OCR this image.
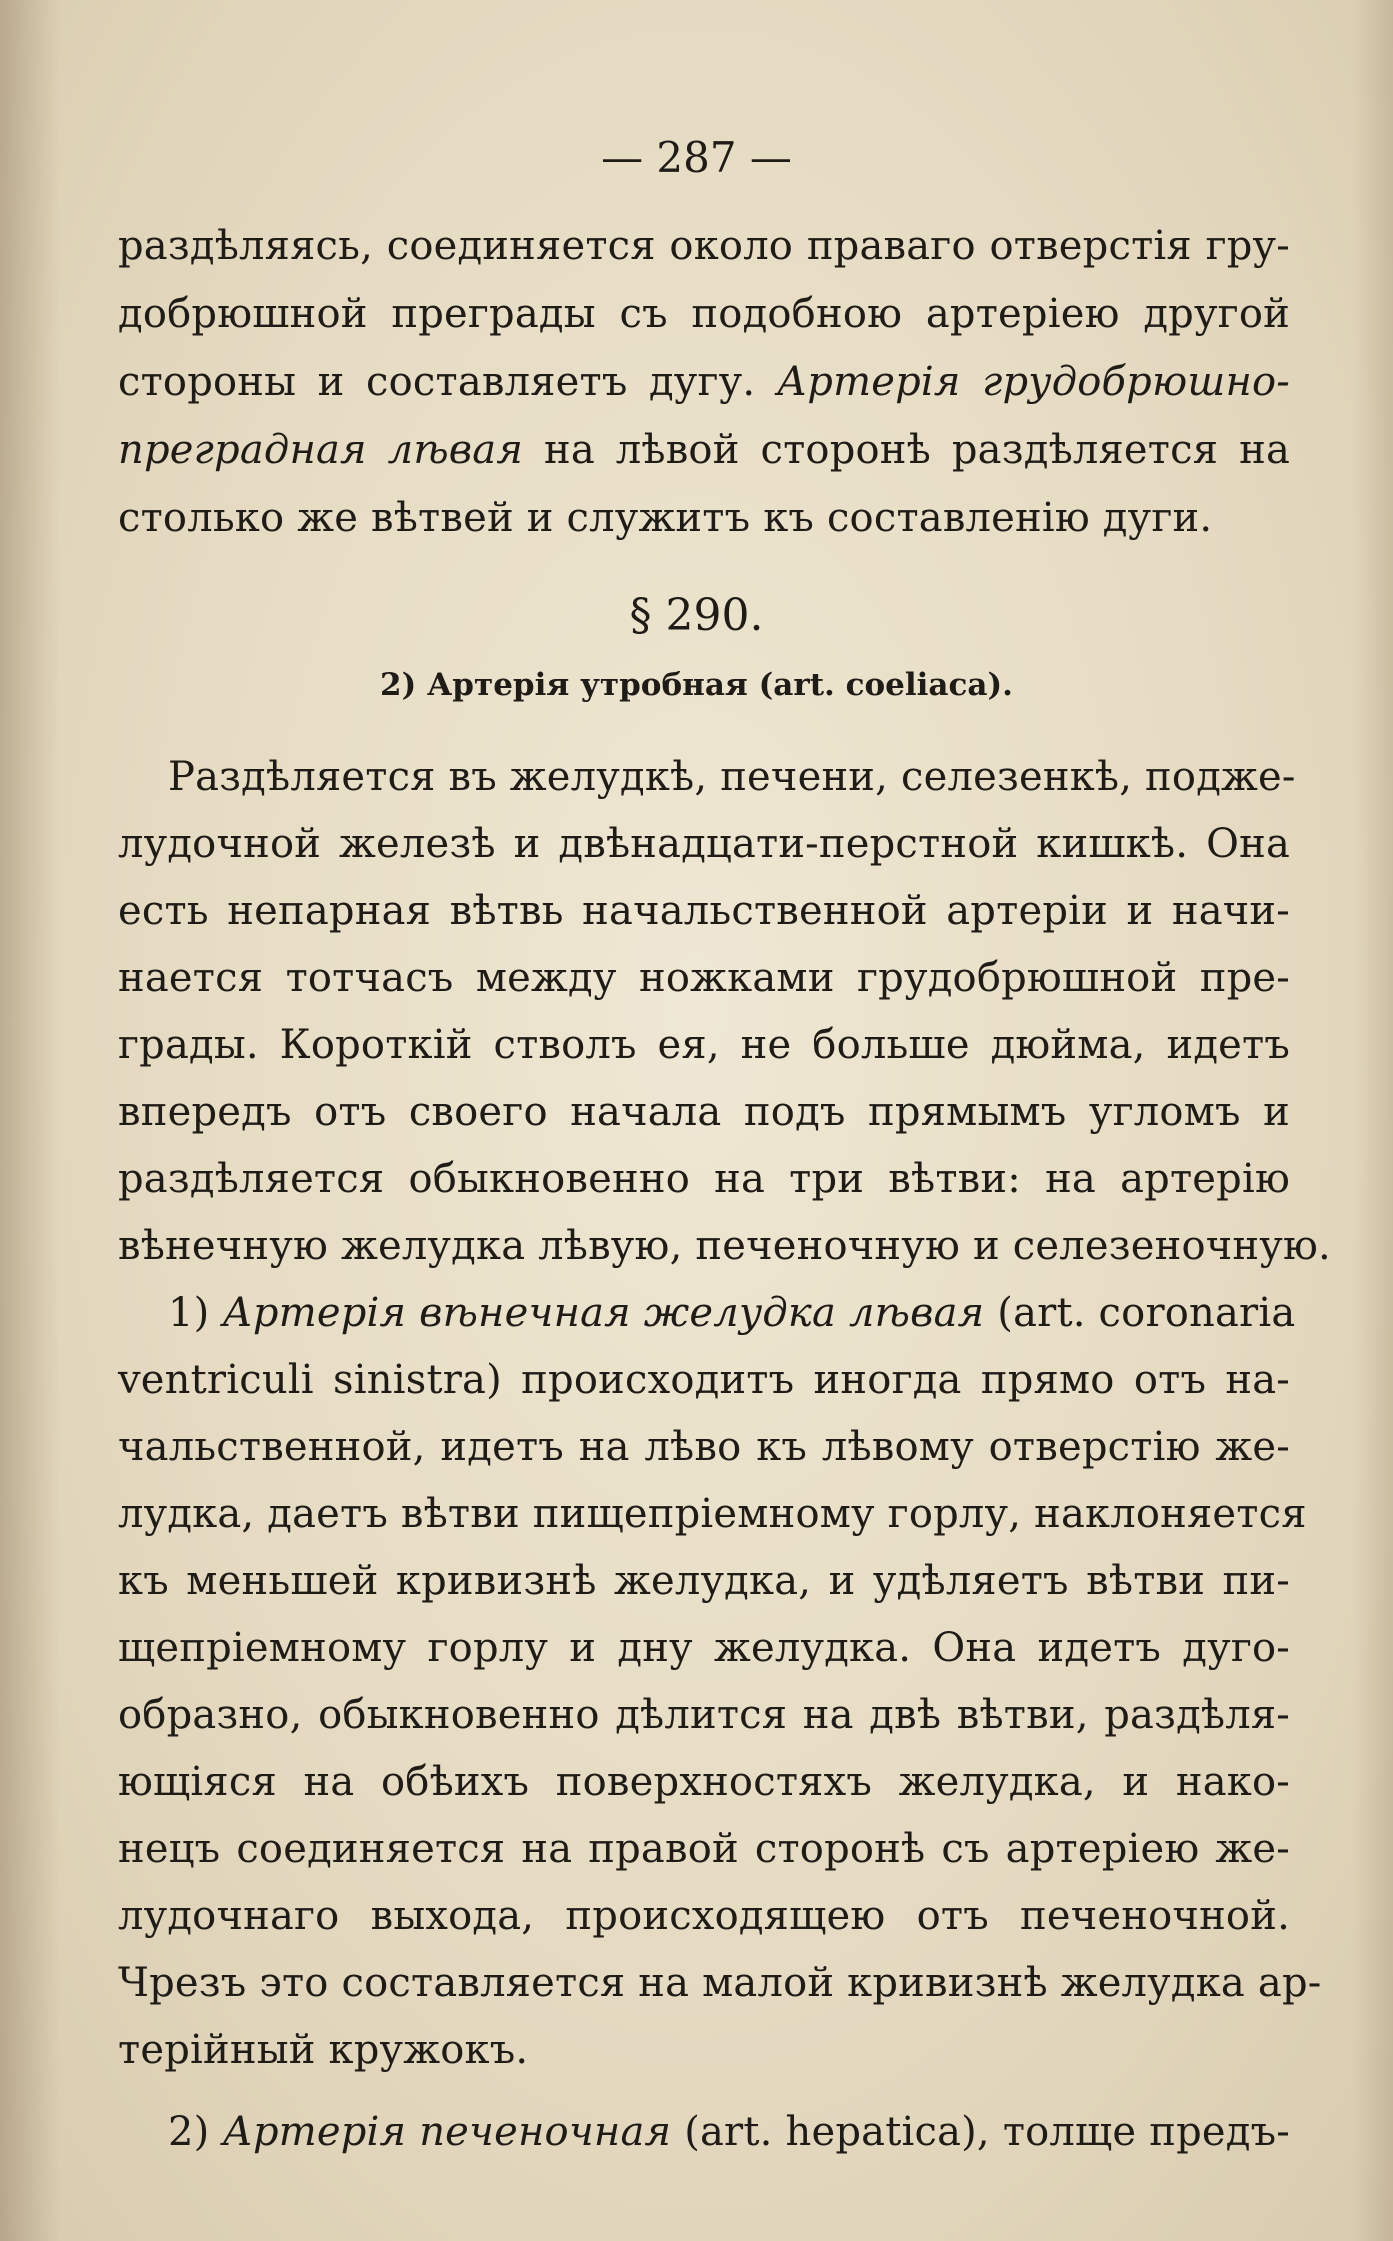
— 287 —
раздѣляясь, соединяется около праваго отверстія гру-
добрюшной преграды съ подобною артеріею другой
стороны и составляетъ дугу. Артерія грудобрюшно-
преградная лѣвая на лѣвой сторонѣ раздѣляется на
столько же вѣтвей и служитъ къ составленію дуги.
§ 290.
2) Артерія утробная (art. coeliaca).
Раздѣляется въ желудкѣ, печени, селезенкѣ, подже-
лудочной железѣ и двѣнадцати-перстной кишкѣ. Она
есть непарная вѣтвь начальственной артеріи и начи-
нается тотчасъ между ножками грудобрюшной пре-
грады. Короткій стволъ ея, не больше дюйма, идетъ
впередъ отъ своего начала подъ прямымъ угломъ и
раздѣляется обыкновенно на три вѣтви: на артерію
вѣнечную желудка лѣвую, печеночную и селезеночную.
1) Артерія вѣнечная желудка лѣвая (art. coronaria
ventriculi sinistra) происходитъ иногда прямо отъ на-
чальственной, идетъ на лѣво къ лѣвому отверстію же-
лудка, даетъ вѣтви пищепріемному горлу, наклоняется
къ меньшей кривизнѣ желудка, и удѣляетъ вѣтви пи-
щепріемному горлу и дну желудка. Она идетъ дуго-
образно, обыкновенно дѣлится на двѣ вѣтви, раздѣля-
ющіяся на обѣихъ поверхностяхъ желудка, и нако-
нецъ соединяется на правой сторонѣ съ артеріею же-
лудочнаго выхода, происходящею отъ печеночной.
Чрезъ это составляется на малой кривизнѣ желудка ар-
терійный кружокъ.
2) Артерія печеночная (art. hepatica), толще предъ-
